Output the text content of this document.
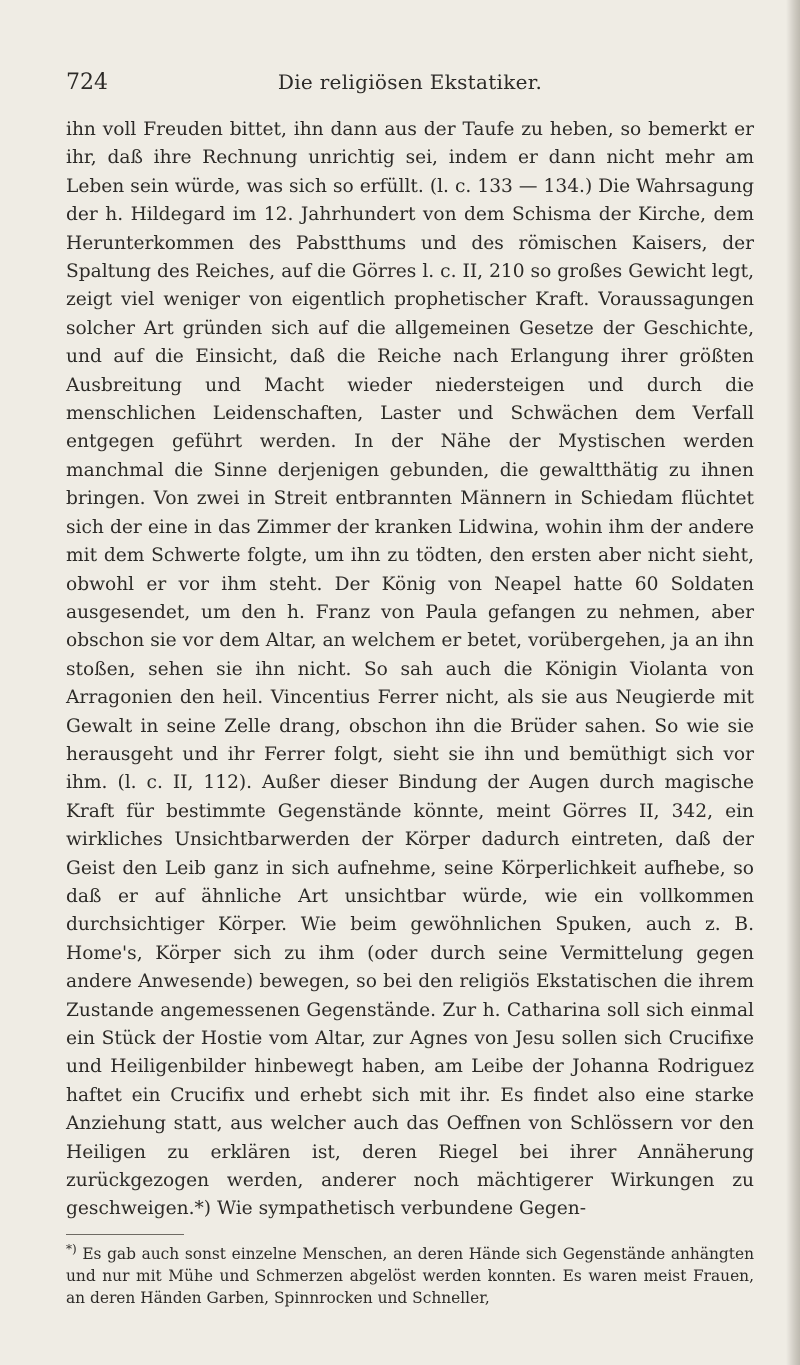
724	Die religiösen Ekstatiker.

ihn voll Freuden bittet, ihn dann aus der Taufe zu heben, so bemerkt er ihr, daß ihre Rechnung unrichtig sei, indem er dann nicht mehr am Leben sein würde, was sich so erfüllt. (l. c. 133 — 134.) Die Wahrsagung der h. Hildegard im 12. Jahrhundert von dem Schisma der Kirche, dem Herunterkommen des Pabstthums und des römischen Kaisers, der Spaltung des Reiches, auf die Görres l. c. II, 210 so großes Gewicht legt, zeigt viel weniger von eigentlich prophetischer Kraft. Voraussagungen solcher Art gründen sich auf die allgemeinen Gesetze der Geschichte, und auf die Einsicht, daß die Reiche nach Erlangung ihrer größten Ausbreitung und Macht wieder niedersteigen und durch die menschlichen Leidenschaften, Laster und Schwächen dem Verfall entgegen geführt werden. In der Nähe der Mystischen werden manchmal die Sinne derjenigen gebunden, die gewaltthätig zu ihnen bringen. Von zwei in Streit entbrannten Männern in Schiedam flüchtet sich der eine in das Zimmer der kranken Lidwina, wohin ihm der andere mit dem Schwerte folgte, um ihn zu tödten, den ersten aber nicht sieht, obwohl er vor ihm steht. Der König von Neapel hatte 60 Soldaten ausgesendet, um den h. Franz von Paula gefangen zu nehmen, aber obschon sie vor dem Altar, an welchem er betet, vorübergehen, ja an ihn stoßen, sehen sie ihn nicht. So sah auch die Königin Violanta von Arragonien den heil. Vincentius Ferrer nicht, als sie aus Neugierde mit Gewalt in seine Zelle drang, obschon ihn die Brüder sahen. So wie sie herausgeht und ihr Ferrer folgt, sieht sie ihn und bemüthigt sich vor ihm. (l. c. II, 112). Außer dieser Bindung der Augen durch magische Kraft für bestimmte Gegenstände könnte, meint Görres II, 342, ein wirkliches Unsichtbarwerden der Körper dadurch eintreten, daß der Geist den Leib ganz in sich aufnehme, seine Körperlichkeit aufhebe, so daß er auf ähnliche Art unsichtbar würde, wie ein vollkommen durchsichtiger Körper. Wie beim gewöhnlichen Spuken, auch z. B. Home's, Körper sich zu ihm (oder durch seine Vermittelung gegen andere Anwesende) bewegen, so bei den religiös Ekstatischen die ihrem Zustande angemessenen Gegenstände. Zur h. Catharina soll sich einmal ein Stück der Hostie vom Altar, zur Agnes von Jesu sollen sich Crucifixe und Heiligenbilder hinbewegt haben, am Leibe der Johanna Rodriguez haftet ein Crucifix und erhebt sich mit ihr. Es findet also eine starke Anziehung statt, aus welcher auch das Oeffnen von Schlössern vor den Heiligen zu erklären ist, deren Riegel bei ihrer Annäherung zurückgezogen werden, anderer noch mächtigerer Wirkungen zu geschweigen.*) Wie sympathetisch verbundene Gegen-

*) Es gab auch sonst einzelne Menschen, an deren Hände sich Gegenstände anhängten und nur mit Mühe und Schmerzen abgelöst werden konnten. Es waren meist Frauen, an deren Händen Garben, Spinnrocken und Schneller,
